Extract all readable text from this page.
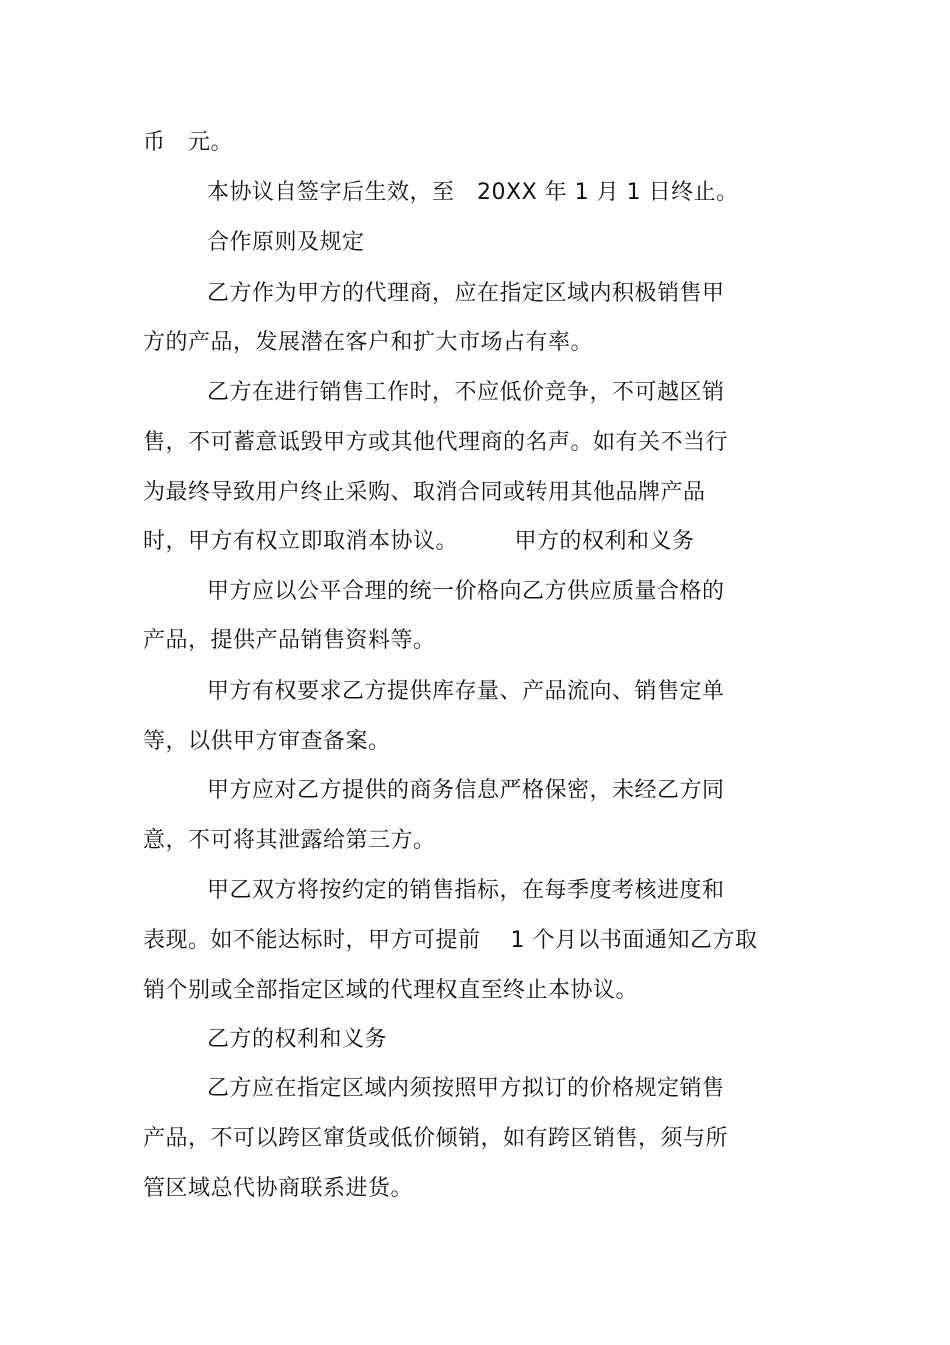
币　元。
本协议自签字后生效，至　20XX 年 1 月 1 日终止。
合作原则及规定
乙方作为甲方的代理商，应在指定区域内积极销售甲
方的产品，发展潜在客户和扩大市场占有率。
乙方在进行销售工作时，不应低价竞争，不可越区销
售，不可蓄意诋毁甲方或其他代理商的名声。如有关不当行
为最终导致用户终止采购、取消合同或转用其他品牌产品
时，甲方有权立即取消本协议。　　　甲方的权利和义务
甲方应以公平合理的统一价格向乙方供应质量合格的
产品，提供产品销售资料等。
甲方有权要求乙方提供库存量、产品流向、销售定单
等，以供甲方审查备案。
甲方应对乙方提供的商务信息严格保密，未经乙方同
意，不可将其泄露给第三方。
甲乙双方将按约定的销售指标，在每季度考核进度和
表现。如不能达标时，甲方可提前　 1 个月以书面通知乙方取
销个别或全部指定区域的代理权直至终止本协议。
乙方的权利和义务
乙方应在指定区域内须按照甲方拟订的价格规定销售
产品，不可以跨区窜货或低价倾销，如有跨区销售，须与所
管区域总代协商联系进货。
